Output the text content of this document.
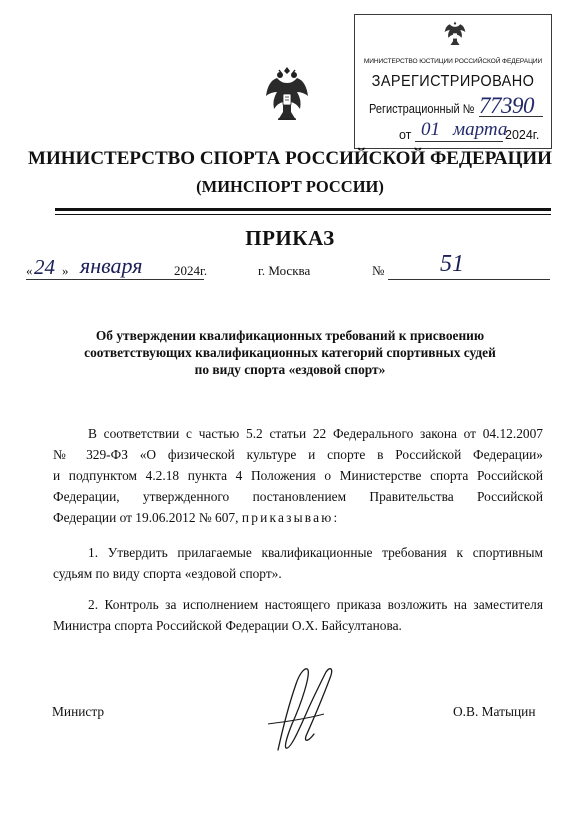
МИНИСТЕРСТВО ЮСТИЦИИ РОССИЙСКОЙ ФЕДЕРАЦИИ
ЗАРЕГИСТРИРОВАНО
Регистрационный № 77390
от 01 марта
2024г.
МИНИСТЕРСТВО СПОРТА РОССИЙСКОЙ ФЕДЕРАЦИИ
(МИНСПОРТ РОССИИ)
ПРИКАЗ
« 24 » января 2024г.	г. Москва	№ 51
Об утверждении квалификационных требований к присвоению
соответствующих квалификационных категорий спортивных судей
по виду спорта «ездовой спорт»
В соответствии с частью 5.2 статьи 22 Федерального закона от 04.12.2007
№ 329-ФЗ «О физической культуре и спорте в Российской Федерации»
и подпунктом 4.2.18 пункта 4 Положения о Министерстве спорта Российской
Федерации, утвержденного постановлением Правительства Российской
Федерации от 19.06.2012 № 607, приказываю:
1. Утвердить прилагаемые квалификационные требования к спортивным
судьям по виду спорта «ездовой спорт».
2. Контроль за исполнением настоящего приказа возложить на заместителя
Министра спорта Российской Федерации О.Х. Байсултанова.
Министр	О.В. Матыцин
